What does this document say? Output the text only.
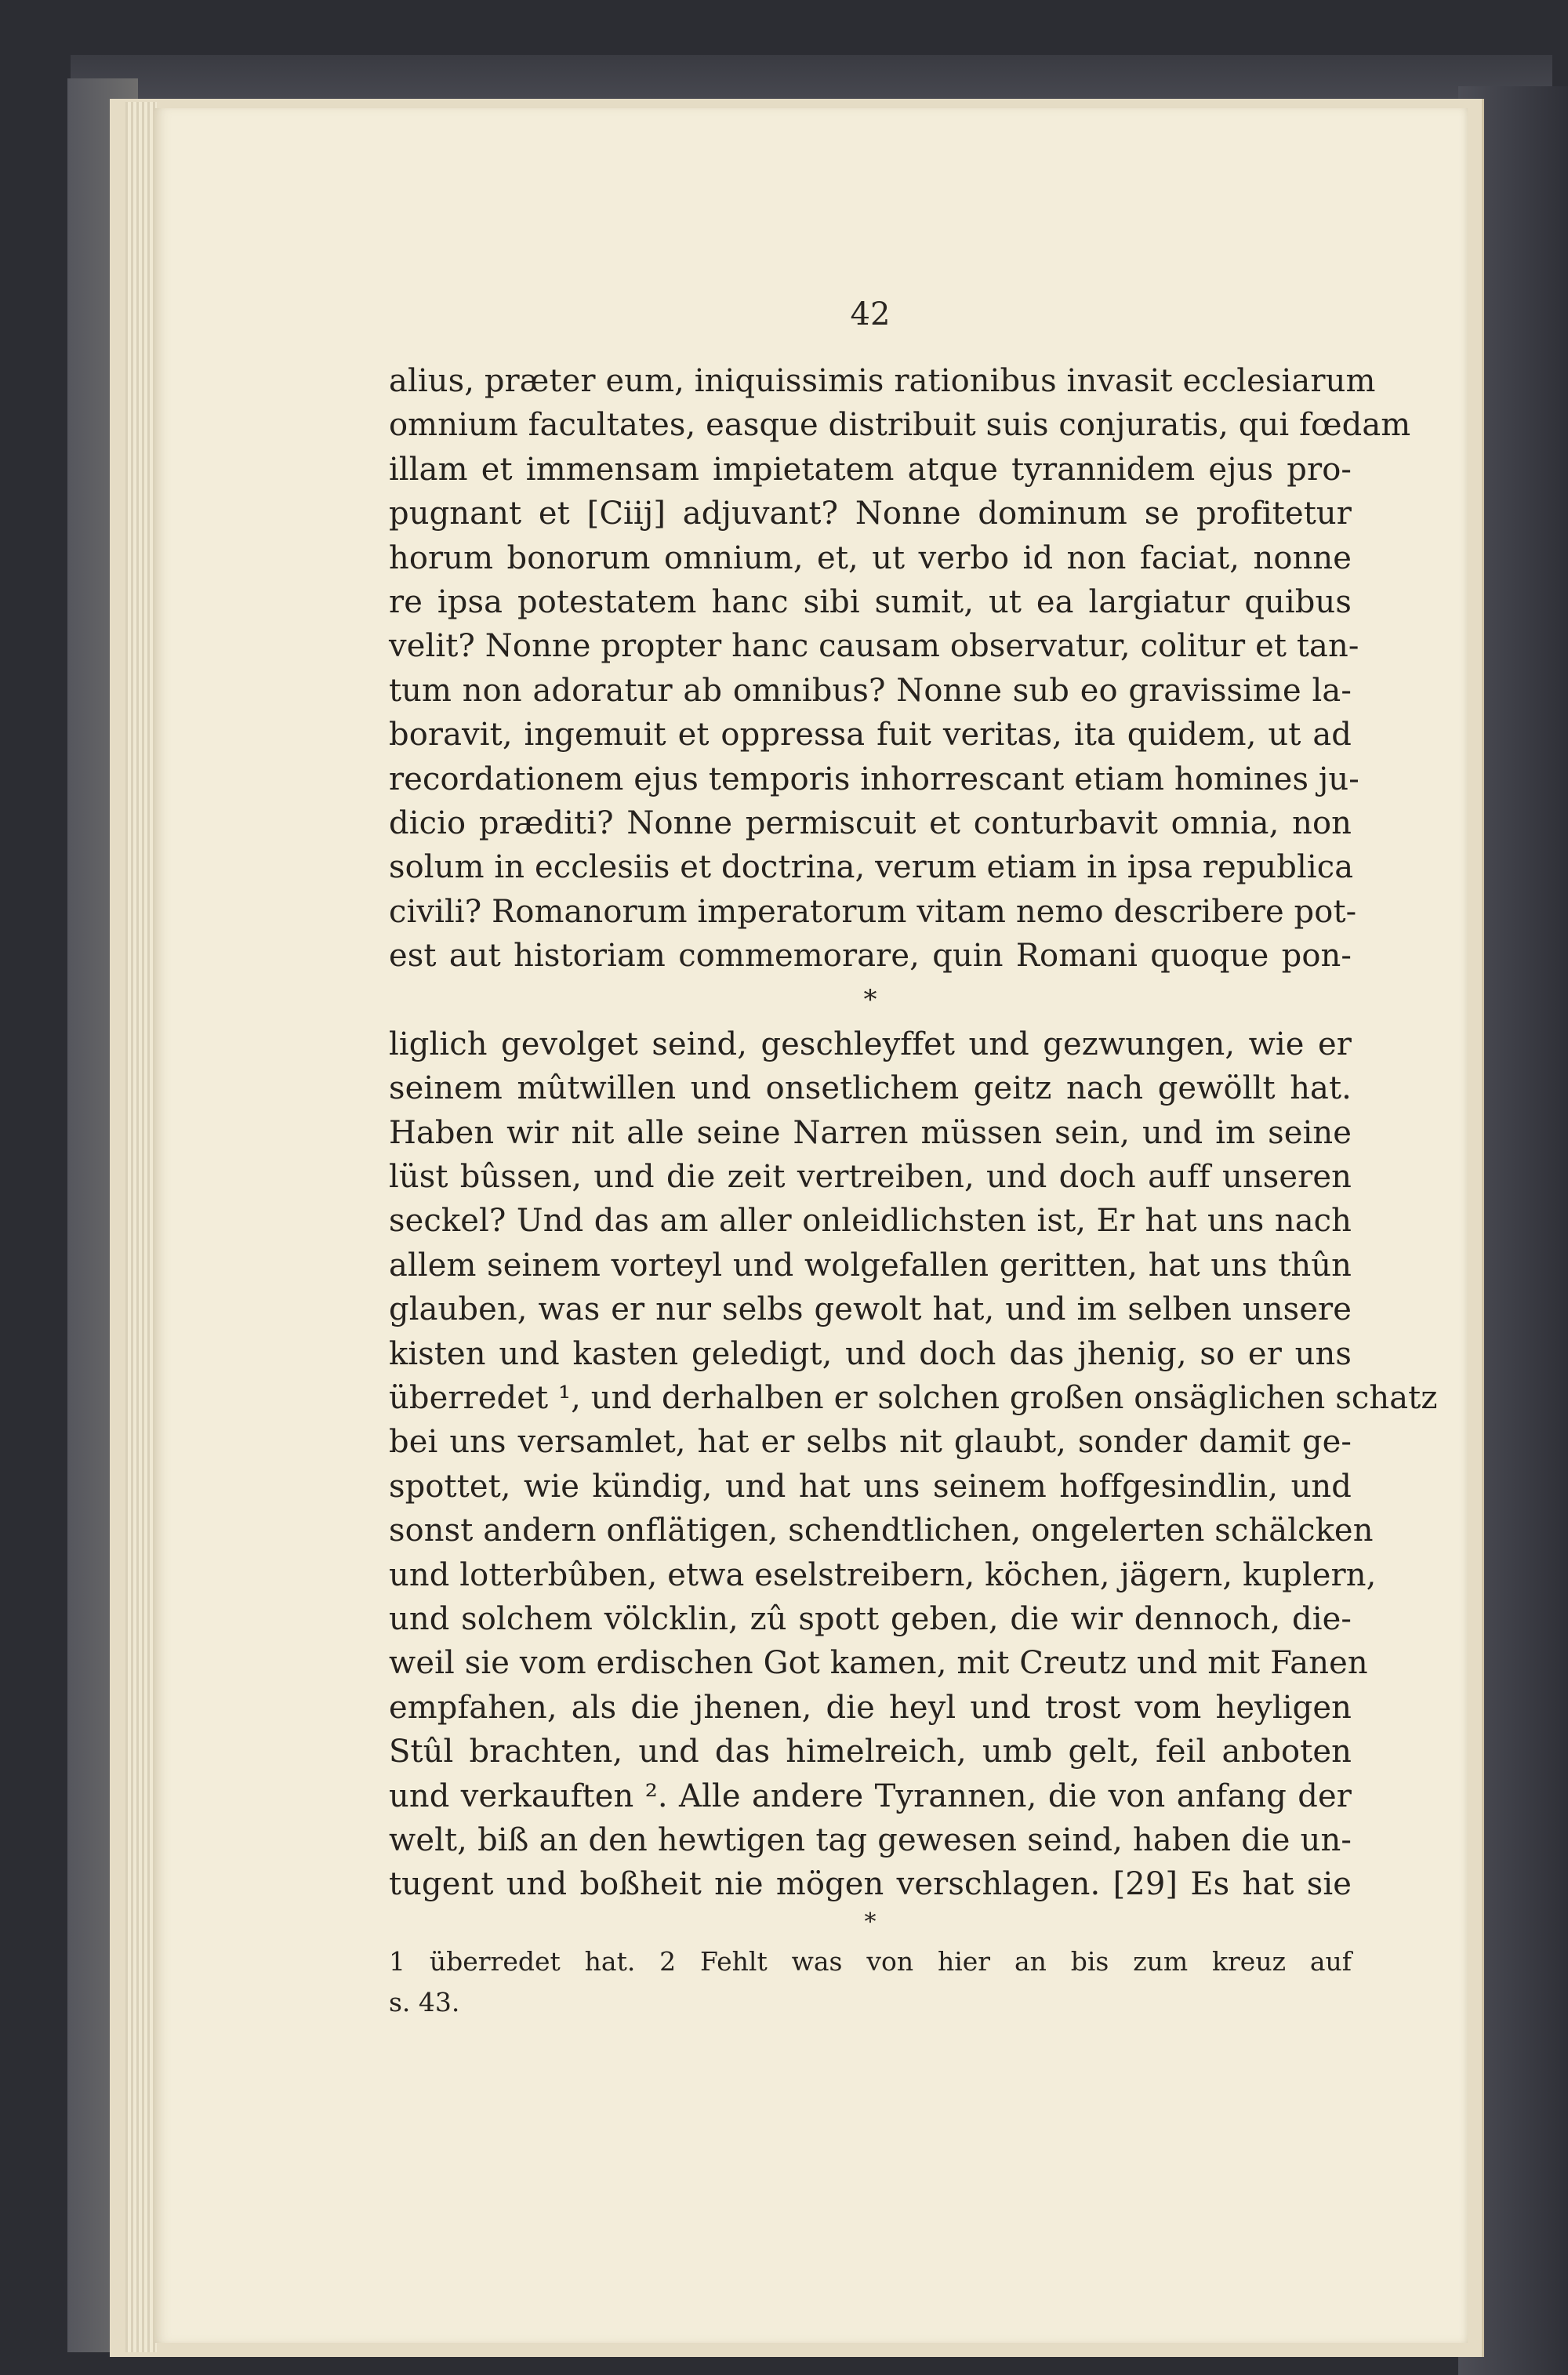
42
alius, præter eum, iniquissimis rationibus invasit ecclesiarum
omnium facultates, easque distribuit suis conjuratis, qui fœdam
illam et immensam impietatem atque tyrannidem ejus pro-
pugnant et [Ciij] adjuvant? Nonne dominum se profitetur
horum bonorum omnium, et, ut verbo id non faciat, nonne
re ipsa potestatem hanc sibi sumit, ut ea largiatur quibus
velit? Nonne propter hanc causam observatur, colitur et tan-
tum non adoratur ab omnibus? Nonne sub eo gravissime la-
boravit, ingemuit et oppressa fuit veritas, ita quidem, ut ad
recordationem ejus temporis inhorrescant etiam homines ju-
dicio præditi? Nonne permiscuit et conturbavit omnia, non
solum in ecclesiis et doctrina, verum etiam in ipsa republica
civili? Romanorum imperatorum vitam nemo describere pot-
est aut historiam commemorare, quin Romani quoque pon-
*
liglich gevolget seind, geschleyffet und gezwungen, wie er
seinem mûtwillen und onsetlichem geitz nach gewöllt hat.
Haben wir nit alle seine Narren müssen sein, und im seine
lüst bûssen, und die zeit vertreiben, und doch auff unseren
seckel? Und das am aller onleidlichsten ist, Er hat uns nach
allem seinem vorteyl und wolgefallen geritten, hat uns thûn
glauben, was er nur selbs gewolt hat, und im selben unsere
kisten und kasten geledigt, und doch das jhenig, so er uns
überredet ¹, und derhalben er solchen großen onsäglichen schatz
bei uns versamlet, hat er selbs nit glaubt, sonder damit ge-
spottet, wie kündig, und hat uns seinem hoffgesindlin, und
sonst andern onflätigen, schendtlichen, ongelerten schälcken
und lotterbûben, etwa eselstreibern, köchen, jägern, kuplern,
und solchem völcklin, zû spott geben, die wir dennoch, die-
weil sie vom erdischen Got kamen, mit Creutz und mit Fanen
empfahen, als die jhenen, die heyl und trost vom heyligen
Stûl brachten, und das himelreich, umb gelt, feil anboten
und verkauften ². Alle andere Tyrannen, die von anfang der
welt, biß an den hewtigen tag gewesen seind, haben die un-
tugent und boßheit nie mögen verschlagen. [29] Es hat sie
*
1 überredet hat. 2 Fehlt was von hier an bis zum kreuz auf
s. 43.
